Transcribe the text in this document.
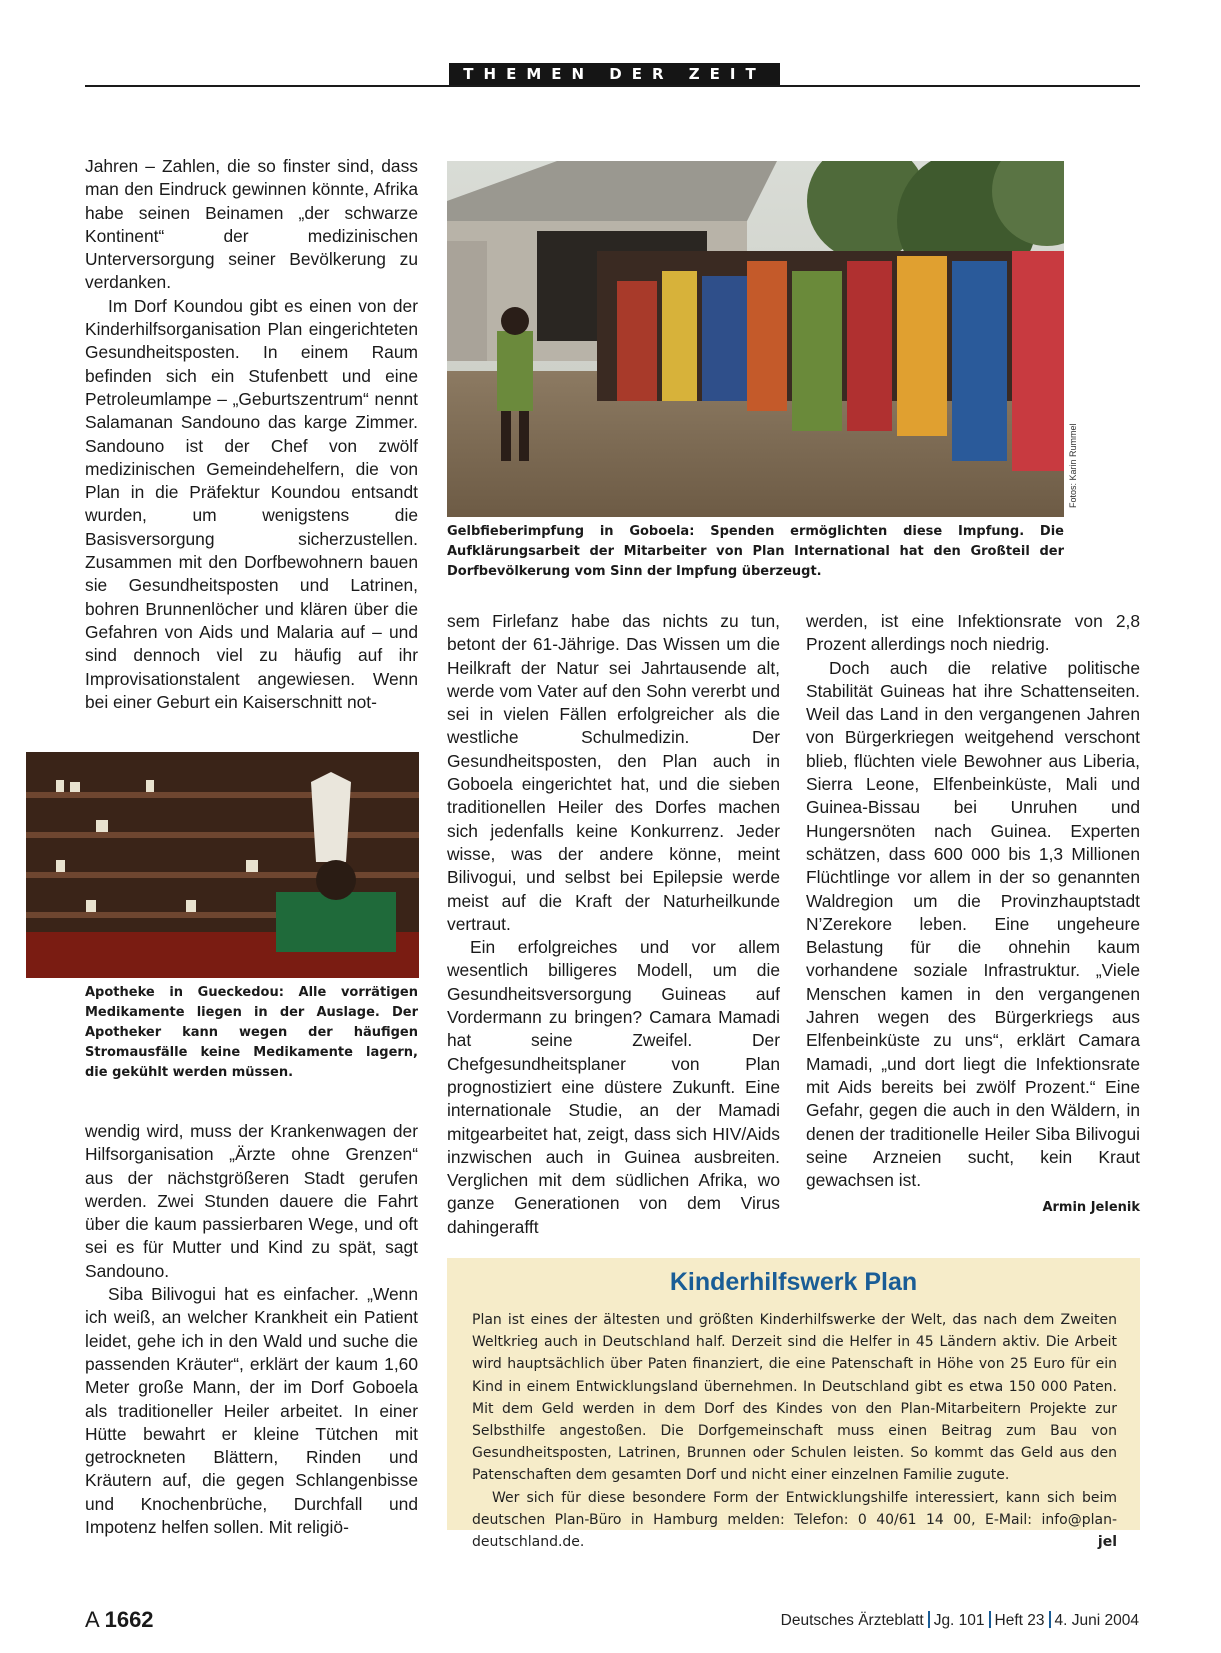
THEMEN DER ZEIT

Jahren – Zahlen, die so finster sind, dass man den Eindruck gewinnen könnte, Afrika habe seinen Beinamen „der schwarze Kontinent“ der medizinischen Unterversorgung seiner Bevölkerung zu verdanken.

Im Dorf Koundou gibt es einen von der Kinderhilfsorganisation Plan eingerichteten Gesundheitsposten. In einem Raum befinden sich ein Stufenbett und eine Petroleumlampe – „Geburtszentrum“ nennt Salamanan Sandouno das karge Zimmer. Sandouno ist der Chef von zwölf medizinischen Gemeindehelfern, die von Plan in die Präfektur Koundou entsandt wurden, um wenigstens die Basisversorgung sicherzustellen. Zusammen mit den Dorfbewohnern bauen sie Gesundheitsposten und Latrinen, bohren Brunnenlöcher und klären über die Gefahren von Aids und Malaria auf – und sind dennoch viel zu häufig auf ihr Improvisationstalent angewiesen. Wenn bei einer Geburt ein Kaiserschnitt not-

Fotos: Karin Rummel
Gelbfieberimpfung in Goboela: Spenden ermöglichten diese Impfung. Die Aufklärungsarbeit der Mitarbeiter von Plan International hat den Großteil der Dorfbevölkerung vom Sinn der Impfung überzeugt.
Apotheke in Gueckedou: Alle vorrätigen Medikamente liegen in der Auslage. Der Apotheker kann wegen der häufigen Stromausfälle keine Medikamente lagern, die gekühlt werden müssen.

wendig wird, muss der Krankenwagen der Hilfsorganisation „Ärzte ohne Grenzen“ aus der nächstgrößeren Stadt gerufen werden. Zwei Stunden dauere die Fahrt über die kaum passierbaren Wege, und oft sei es für Mutter und Kind zu spät, sagt Sandouno.

Siba Bilivogui hat es einfacher. „Wenn ich weiß, an welcher Krankheit ein Patient leidet, gehe ich in den Wald und suche die passenden Kräuter“, erklärt der kaum 1,60 Meter große Mann, der im Dorf Goboela als traditioneller Heiler arbeitet. In einer Hütte bewahrt er kleine Tütchen mit getrockneten Blättern, Rinden und Kräutern auf, die gegen Schlangenbisse und Knochenbrüche, Durchfall und Impotenz helfen sollen. Mit religiö-

sem Firlefanz habe das nichts zu tun, betont der 61-Jährige. Das Wissen um die Heilkraft der Natur sei Jahrtausende alt, werde vom Vater auf den Sohn vererbt und sei in vielen Fällen erfolgreicher als die westliche Schulmedizin. Der Gesundheitsposten, den Plan auch in Goboela eingerichtet hat, und die sieben traditionellen Heiler des Dorfes machen sich jedenfalls keine Konkurrenz. Jeder wisse, was der andere könne, meint Bilivogui, und selbst bei Epilepsie werde meist auf die Kraft der Naturheilkunde vertraut.

Ein erfolgreiches und vor allem wesentlich billigeres Modell, um die Gesundheitsversorgung Guineas auf Vordermann zu bringen? Camara Mamadi hat seine Zweifel. Der Chefgesundheitsplaner von Plan prognostiziert eine düstere Zukunft. Eine internationale Studie, an der Mamadi mitgearbeitet hat, zeigt, dass sich HIV/Aids inzwischen auch in Guinea ausbreiten. Verglichen mit dem südlichen Afrika, wo ganze Generationen von dem Virus dahingerafft

werden, ist eine Infektionsrate von 2,8 Prozent allerdings noch niedrig.

Doch auch die relative politische Stabilität Guineas hat ihre Schattenseiten. Weil das Land in den vergangenen Jahren von Bürgerkriegen weitgehend verschont blieb, flüchten viele Bewohner aus Liberia, Sierra Leone, Elfenbeinküste, Mali und Guinea-Bissau bei Unruhen und Hungersnöten nach Guinea. Experten schätzen, dass 600 000 bis 1,3 Millionen Flüchtlinge vor allem in der so genannten Waldregion um die Provinzhauptstadt N’Zerekore leben. Eine ungeheure Belastung für die ohnehin kaum vorhandene soziale Infrastruktur. „Viele Menschen kamen in den vergangenen Jahren wegen des Bürgerkriegs aus Elfenbeinküste zu uns“, erklärt Camara Mamadi, „und dort liegt die Infektionsrate mit Aids bereits bei zwölf Prozent.“ Eine Gefahr, gegen die auch in den Wäldern, in denen der traditionelle Heiler Siba Bilivogui seine Arzneien sucht, kein Kraut gewachsen ist.

Armin Jelenik
Kinderhilfswerk Plan

Plan ist eines der ältesten und größten Kinderhilfswerke der Welt, das nach dem Zweiten Weltkrieg auch in Deutschland half. Derzeit sind die Helfer in 45 Ländern aktiv. Die Arbeit wird hauptsächlich über Paten finanziert, die eine Patenschaft in Höhe von 25 Euro für ein Kind in einem Entwicklungsland übernehmen. In Deutschland gibt es etwa 150 000 Paten. Mit dem Geld werden in dem Dorf des Kindes von den Plan-Mitarbeitern Projekte zur Selbsthilfe angestoßen. Die Dorfgemeinschaft muss einen Beitrag zum Bau von Gesundheitsposten, Latrinen, Brunnen oder Schulen leisten. So kommt das Geld aus den Patenschaften dem gesamten Dorf und nicht einer einzelnen Familie zugute.

Wer sich für diese besondere Form der Entwicklungshilfe interessiert, kann sich beim deutschen Plan-Büro in Hamburg melden: Telefon: 0 40/61 14 00, E-Mail: info@plan-deutschland.de.	jel

A 1662	Deutsches Ärzteblatt Jg. 101 Heft 23 4. Juni 2004
